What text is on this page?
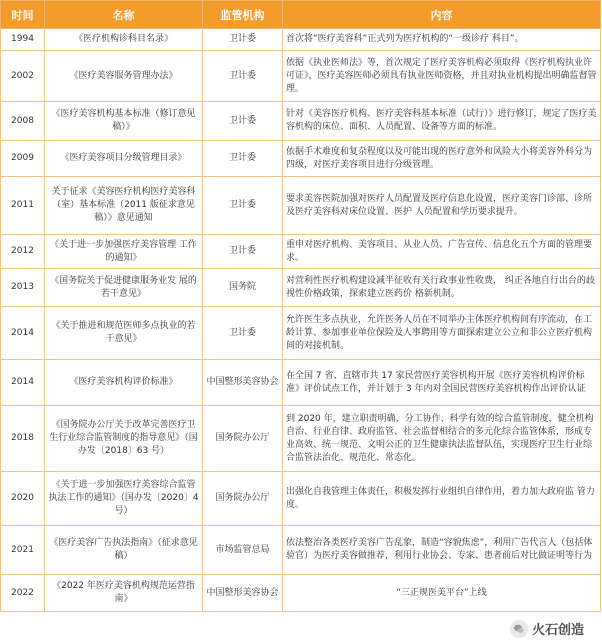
时间	名称	监管机构	内容
1994	《医疗机构诊科目名录》	卫计委	首次将“医疗美容科”正式列为医疗机构的“一级诊疗 科目”。
2002	《医疗美容服务管理办法》	卫计委	依据《执业医师法》等，首次规定了医疗美容机构必须取得《医疗机构执业许可证》，医疗美容医师必须具有执业医师资格，并且对执业机构提出明确监督管理。
2008	《医疗美容机构基本标准（修订意见稿）》	卫计委	针对《美容医疗机构、医疗美容科基本标准（试行）》进行修订，规定了医疗美容机构的床位、面积、人员配置、设备等方面的标准。
2009	《医疗美容项目分级管理目录》	卫计委	依据手术难度和复杂程度以及可能出现的医疗意外和风险大小将美容外科分为四级，对医疗美容项目进行分级管理。
2011	关于征求《美容医疗机构医疗美容科（室）基本标准（2011 版征求意见稿）》意见通知	卫计委	要求美容医院加强对医疗人员配置及医疗信息化设置，医疗美容门诊部、诊所及医疗美容科对床位设置、医护 人员配置和学历要求提升。
2012	《关于进一步加强医疗美容管理 工作的通知》	卫计委	重申对医疗机构、美容项目、从业人员、广告宣传、信息化五个方面的管理要求。
2013	《国务院关于促进健康服务业发 展的若干意见》	国务院	对营利性医疗机构建设减半征收有关行政事业性收费， 纠正各地自行出台的歧视性价格政策，探索建立医药价 格新机制。
2014	《关于推进和规范医师多点执业的若干意见》	卫计委	允许医生多点执业，允许医务人员在不同举办主体医疗机构间有序流动，在工龄计算、参加事业单位保险及人事聘用等方面探索建立公立和非公立医疗机构间的对接机制。
2014	《医疗美容机构评价标准》	中国整形美容协会	在全国 7 省、直辖市共 17 家民营医疗美容机构开展《医疗美容机构评价标准》评价试点工作，并计划于 3 年内对全国民营医疗美容机构作出评价认证
2018	《国务院办公厅关于改革完善医疗卫生行业综合监管制度的指导意见》（国办发〔2018〕63 号）	国务院办公厅	到 2020 年，建立职责明确、分工协作、科学有效的综合监管制度，健全机构自治、行业自律、政府监管、社会监督相结合的多元化综合监管体系，形成专业高效、统一规范、文明公正的卫生健康执法监督队伍，实现医疗卫生行业综合监管法治化、规范化、常态化。
2020	《关于进一步加强医疗美容综合监管执法工作的通知》（国办发〔2020〕4 号）	国务院办公厅	出强化自我管理主体责任，积极发挥行业组织自律作用，着力加大政府监 管力度。
2021	《医疗美容广告执法指南》（征求意见稿）	市场监管总局	依法整治各类医疗美容广告乱象，制造“容貌焦虑”，利用广告代言人（包括体验官）为医疗美容做推荐，利用行业协会、专家、患者前后对比做证明等行为
2022	《2022 年医疗美容机构规范运营指南》	中国整形美容协会	“三正规医美平台”上线
火石创造
